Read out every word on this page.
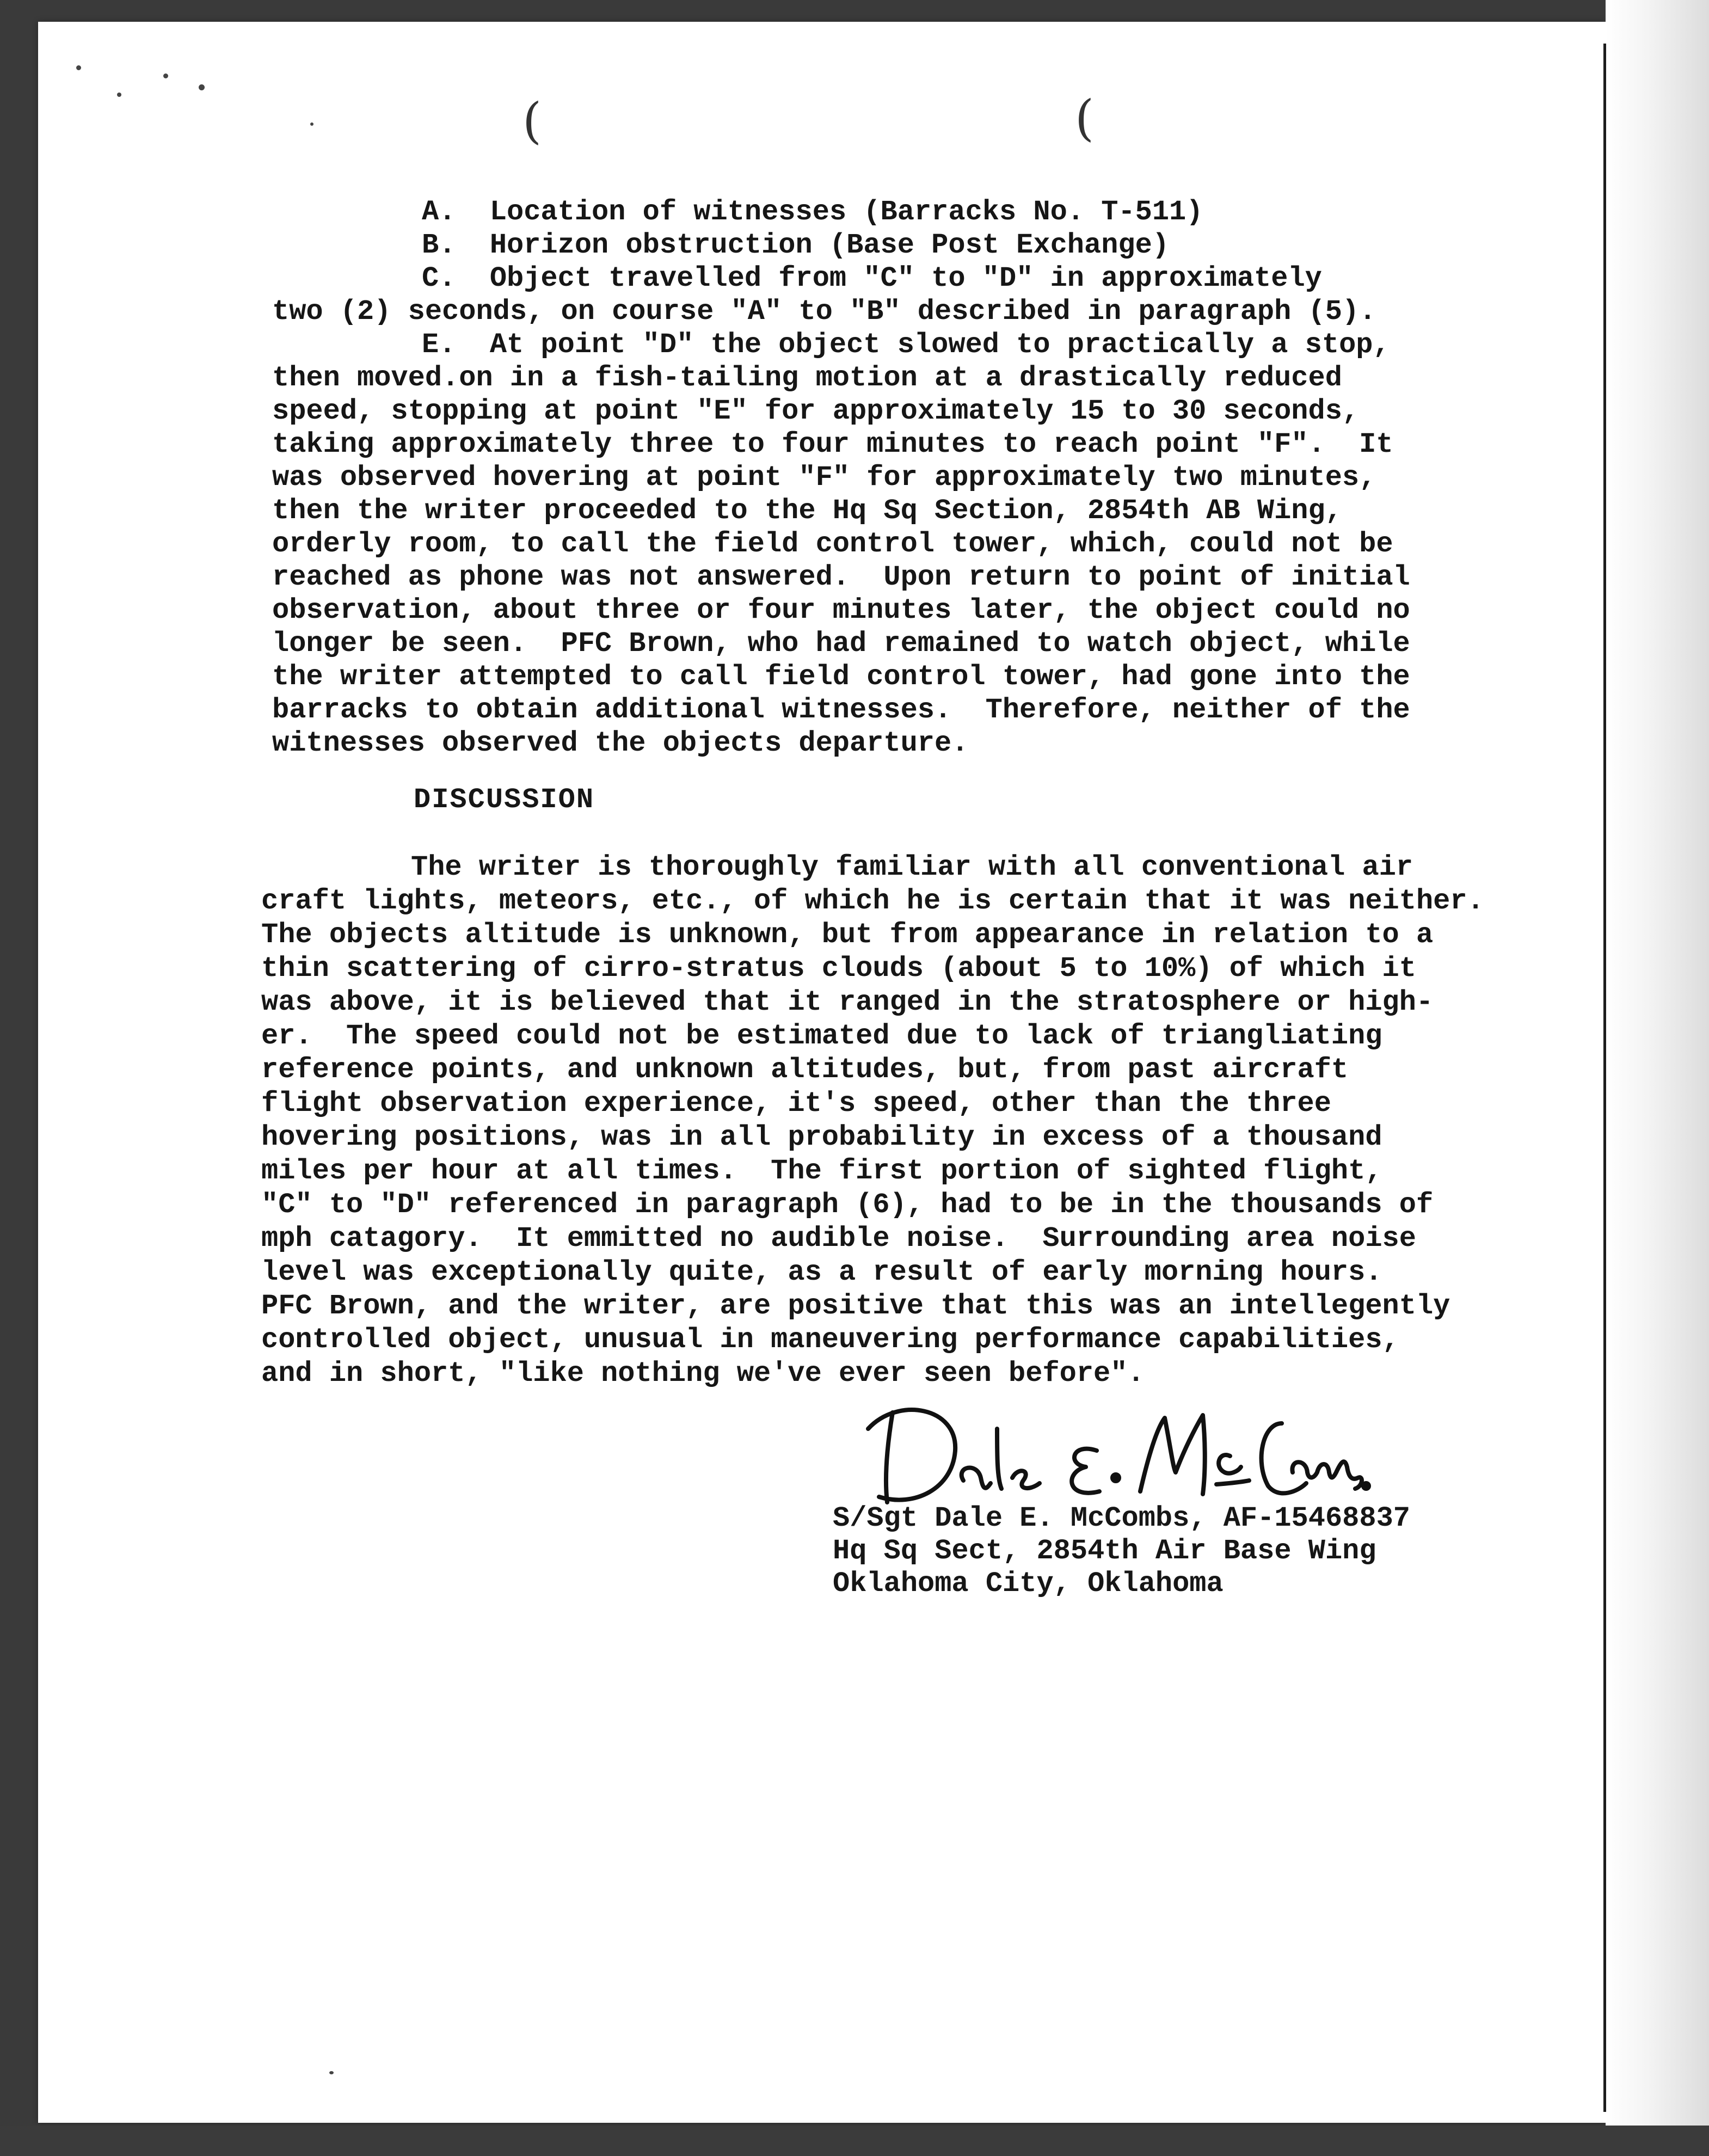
(	(
A.  Location of witnesses (Barracks No. T-511)
B.  Horizon obstruction (Base Post Exchange)
C.  Object travelled from "C" to "D" in approximately
two (2) seconds, on course "A" to "B" described in paragraph (5).
E.  At point "D" the object slowed to practically a stop,
then moved.on in a fish-tailing motion at a drastically reduced
speed, stopping at point "E" for approximately 15 to 30 seconds,
taking approximately three to four minutes to reach point "F".  It
was observed hovering at point "F" for approximately two minutes,
then the writer proceeded to the Hq Sq Section, 2854th AB Wing,
orderly room, to call the field control tower, which, could not be
reached as phone was not answered.  Upon return to point of initial
observation, about three or four minutes later, the object could no
longer be seen.  PFC Brown, who had remained to watch object, while
the writer attempted to call field control tower, had gone into the
barracks to obtain additional witnesses.  Therefore, neither of the
witnesses observed the objects departure.
DISCUSSION
The writer is thoroughly familiar with all conventional air
craft lights, meteors, etc., of which he is certain that it was neither.
The objects altitude is unknown, but from appearance in relation to a
thin scattering of cirro-stratus clouds (about 5 to 10%) of which it
was above, it is believed that it ranged in the stratosphere or high-
er.  The speed could not be estimated due to lack of triangliating
reference points, and unknown altitudes, but, from past aircraft
flight observation experience, it's speed, other than the three
hovering positions, was in all probability in excess of a thousand
miles per hour at all times.  The first portion of sighted flight,
"C" to "D" referenced in paragraph (6), had to be in the thousands of
mph catagory.  It emmitted no audible noise.  Surrounding area noise
level was exceptionally quite, as a result of early morning hours.
PFC Brown, and the writer, are positive that this was an intellegently
controlled object, unusual in maneuvering performance capabilities,
and in short, "like nothing we've ever seen before".
S/Sgt Dale E. McCombs, AF-15468837
Hq Sq Sect, 2854th Air Base Wing
Oklahoma City, Oklahoma
